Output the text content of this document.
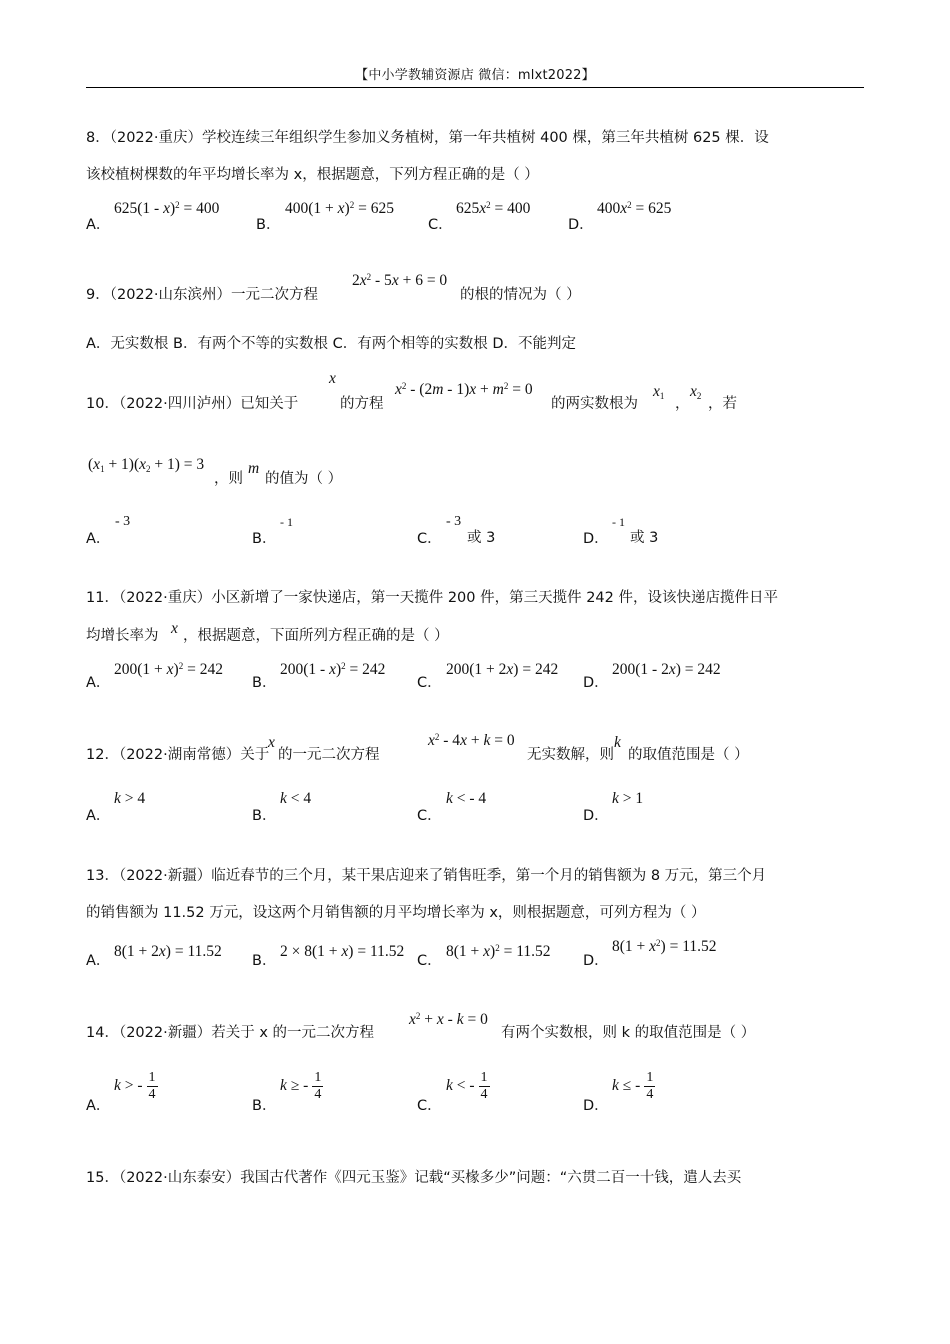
【中小学教辅资源店 微信：mlxt2022】
8．（2022·重庆）学校连续三年组织学生参加义务植树，第一年共植树 400 棵，第三年共植树 625 棵．设
该校植树棵数的年平均增长率为 x，根据题意，下列方程正确的是（ ）
A．
625(1 - x)$^2$ = 400
B．
$400(1 + x)^2 = 625$
C．
$625x^2 = 400$
D．
$400x^2 = 625$
9．（2022·山东滨州）一元二次方程
$2x^2 - 5x + 6 = 0$
的根的情况为（ ）
A．无实数根 B．有两个不等的实数根 C．有两个相等的实数根 D．不能判定
10．（2022·四川泸州）已知关于
x
的方程
$x^2 - (2m - 1)x + m^2 = 0$
的两实数根为
$x_1$ ，
$x_2$ ，若
$(x_1 + 1)(x_2 + 1) = 3$
，则
m
的值为（ ）
A．
- 3
B．
- 1
C．
- 3
或 3	D．
- 1
或 3
11．（2022·重庆）小区新增了一家快递店，第一天揽件 200 件，第三天揽件 242 件，设该快递店揽件日平
均增长率为 x ，根据题意，下面所列方程正确的是（ ）
A．
$200(1 + x)^2 = 242$
B．
200(1 - x)$^2$ = 242
C．
200(1 + 2x) = 242
D．
200(1 - 2x) = 242
12．（2022·湖南常德）关于
x
的一元二次方程
$x^2 - 4x + k = 0$
无实数解，则
k
的取值范围是（ ）
A．
k > 4
B．
k < 4
C．
k < - 4
D．
k > 1
13．（2022·新疆）临近春节的三个月，某干果店迎来了销售旺季，第一个月的销售额为 8 万元，第三个月
的销售额为 11.52 万元，设这两个月销售额的月平均增长率为 x，则根据题意，可列方程为（ ）
A．
8(1 + 2x) = 11.52
B．
2 × 8(1 + x) = 11.52
C．
$8(1 + x)^2 = 11.52$
D．
$8(1 + x^2) = 11.52$
14．（2022·新疆）若关于 x 的一元二次方程
$x^2 + x - k = 0$
有两个实数根，则 k 的取值范围是（ ）
A．
k > - $\frac{1}{4}$
B．
k ≥ - $\frac{1}{4}$
C．
k < - $\frac{1}{4}$
D．
k ≤ - $\frac{1}{4}$
15．（2022·山东泰安）我国古代著作《四元玉鉴》记载“买椽多少”问题：“六贯二百一十钱，遣人去买
